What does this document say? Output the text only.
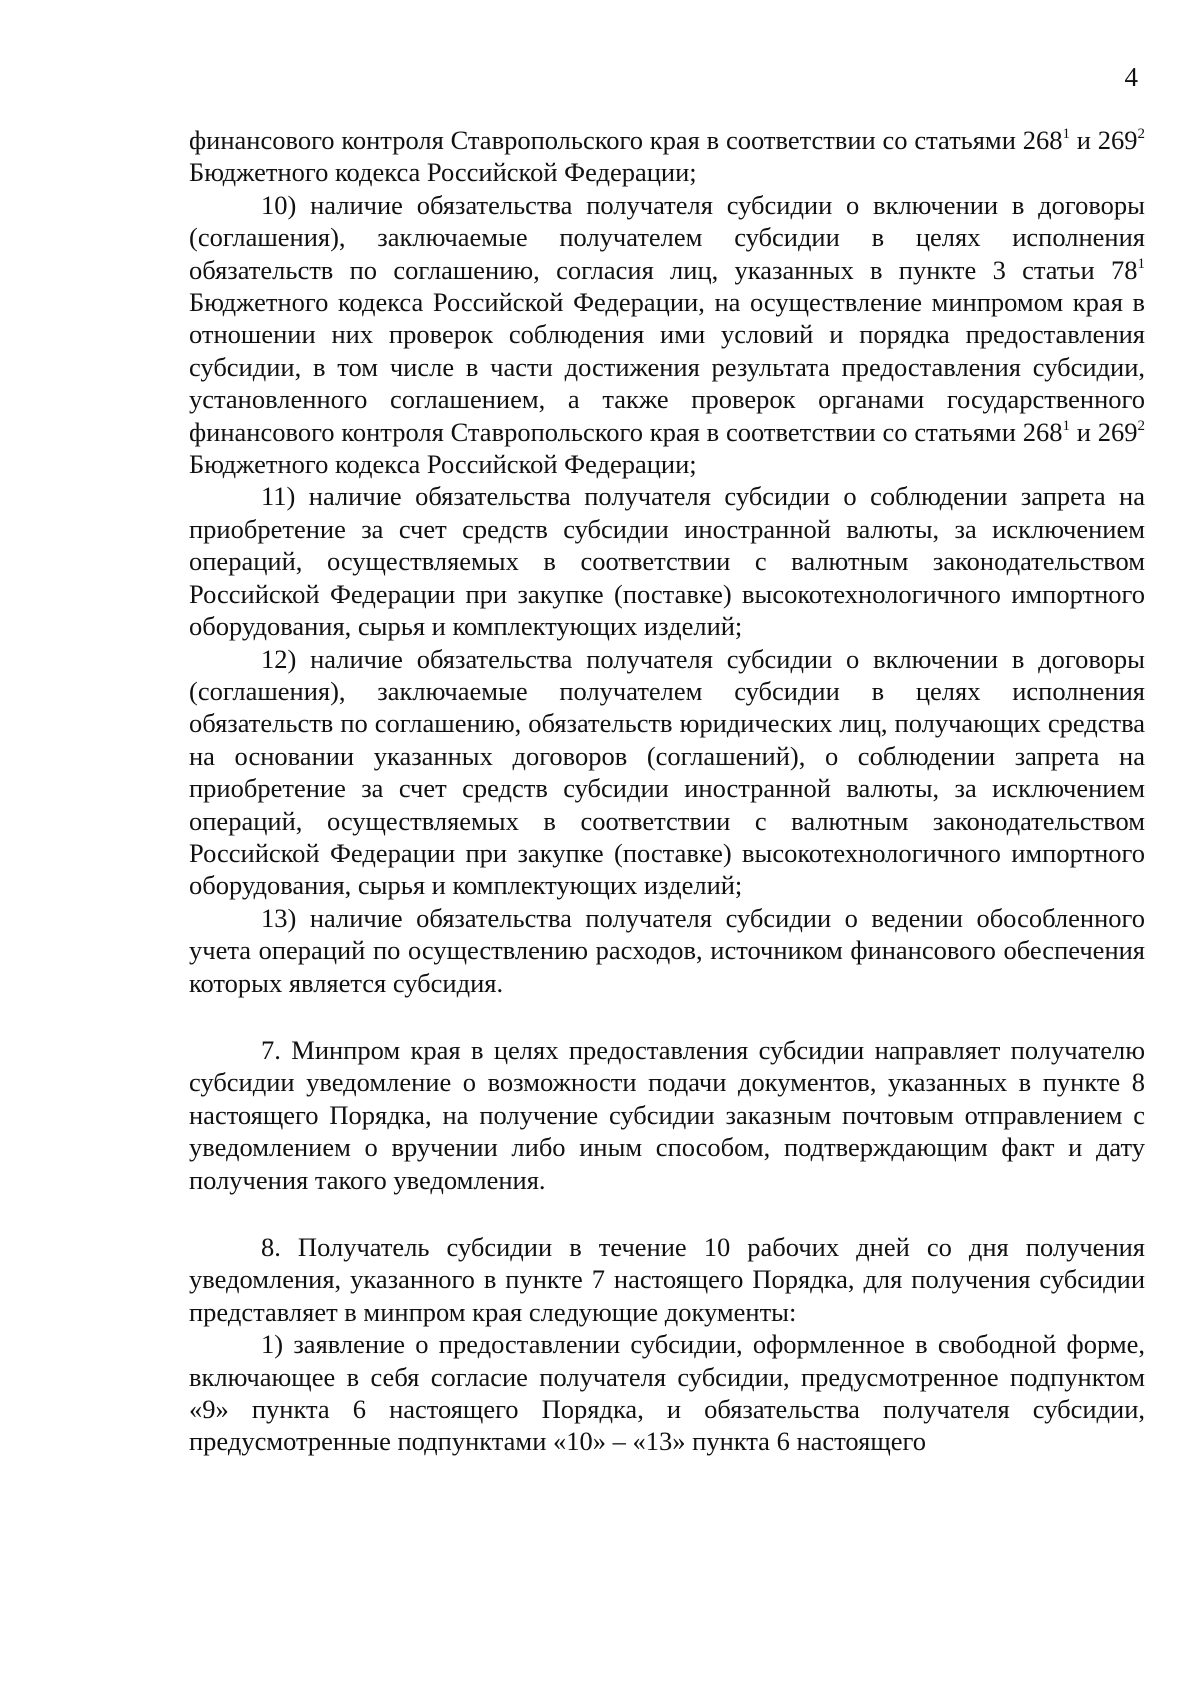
4

финансового контроля Ставропольского края в соответствии со статьями $268^1$ и $269^2$ Бюджетного кодекса Российской Федерации;

10) наличие обязательства получателя субсидии о включении в договоры (соглашения), заключаемые получателем субсидии в целях исполнения обязательств по соглашению, согласия лиц, указанных в пункте 3 статьи $78^1$ Бюджетного кодекса Российской Федерации, на осуществление минпромом края в отношении них проверок соблюдения ими условий и порядка предоставления субсидии, в том числе в части достижения результата предоставления субсидии, установленного соглашением, а также проверок органами государственного финансового контроля Ставропольского края в соответствии со статьями $268^1$ и $269^2$ Бюджетного кодекса Российской Федерации;

11) наличие обязательства получателя субсидии о соблюдении запрета на приобретение за счет средств субсидии иностранной валюты, за исключением операций, осуществляемых в соответствии с валютным законодательством Российской Федерации при закупке (поставке) высокотехнологичного импортного оборудования, сырья и комплектующих изделий;

12) наличие обязательства получателя субсидии о включении в договоры (соглашения), заключаемые получателем субсидии в целях исполнения обязательств по соглашению, обязательств юридических лиц, получающих средства на основании указанных договоров (соглашений), о соблюдении запрета на приобретение за счет средств субсидии иностранной валюты, за исключением операций, осуществляемых в соответствии с валютным законодательством Российской Федерации при закупке (поставке) высокотехнологичного импортного оборудования, сырья и комплектующих изделий;

13) наличие обязательства получателя субсидии о ведении обособленного учета операций по осуществлению расходов, источником финансового обеспечения которых является субсидия.

7. Минпром края в целях предоставления субсидии направляет получателю субсидии уведомление о возможности подачи документов, указанных в пункте 8 настоящего Порядка, на получение субсидии заказным почтовым отправлением с уведомлением о вручении либо иным способом, подтверждающим факт и дату получения такого уведомления.

8. Получатель субсидии в течение 10 рабочих дней со дня получения уведомления, указанного в пункте 7 настоящего Порядка, для получения субсидии представляет в минпром края следующие документы:

1) заявление о предоставлении субсидии, оформленное в свободной форме, включающее в себя согласие получателя субсидии, предусмотренное подпунктом «9» пункта 6 настоящего Порядка, и обязательства получателя субсидии, предусмотренные подпунктами «10» – «13» пункта 6 настоящего
